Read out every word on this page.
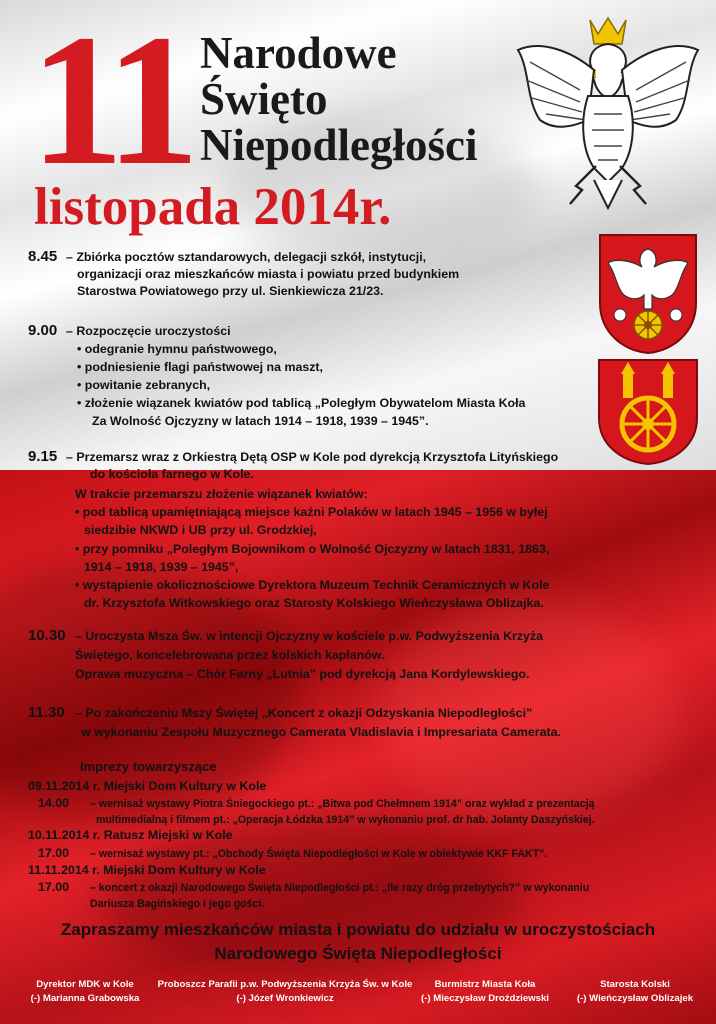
11 Narodowe
Święto
Niepodległości
listopada 2014r.
8.45 – Zbiórka pocztów sztandarowych, delegacji szkół, instytucji,
organizacji oraz mieszkańców miasta i powiatu przed budynkiem
Starostwa Powiatowego przy ul. Sienkiewicza 21/23.
9.00 – Rozpoczęcie uroczystości
• odegranie hymnu państwowego,
• podniesienie flagi państwowej na maszt,
• powitanie zebranych,
• złożenie wiązanek kwiatów pod tablicą „Poległym Obywatelom Miasta Koła
Za Wolność Ojczyzny w latach 1914 – 1918, 1939 – 1945”.
9.15 – Przemarsz wraz z Orkiestrą Dętą OSP w Kole pod dyrekcją Krzysztofa Lityńskiego
do kościoła farnego w Kole.
W trakcie przemarszu złożenie wiązanek kwiatów:
• pod tablicą upamiętniającą miejsce kaźni Polaków w latach 1945 – 1956 w byłej
siedzibie NKWD i UB przy ul. Grodzkiej,
• przy pomniku „Poległym Bojownikom o Wolność Ojczyzny w latach 1831, 1863,
1914 – 1918, 1939 – 1945”,
• wystąpienie okolicznościowe Dyrektora Muzeum Technik Ceramicznych w Kole
dr. Krzysztofa Witkowskiego oraz Starosty Kolskiego Wieńczysława Oblizajka.
10.30 – Uroczysta Msza Św. w intencji Ojczyzny w kościele p.w. Podwyższenia Krzyża
Świętego, koncelebrowana przez kolskich kapłanów.
Oprawa muzyczna – Chór Farny „Lutnia” pod dyrekcją Jana Kordylewskiego.
11.30 – Po zakończeniu Mszy Świętej „Koncert z okazji Odzyskania Niepodległości”
w wykonaniu Zespołu Muzycznego Camerata Vladislavia i Impresariata Camerata.
Imprezy towarzyszące
09.11.2014 r. Miejski Dom Kultury w Kole
14.00 – wernisaż wystawy Piotra Śniegockiego pt.: „Bitwa pod Chełmnem 1914” oraz wykład z prezentacją
multimedialną i filmem pt.: „Operacja Łódzka 1914” w wykonaniu prof. dr hab. Jolanty Daszyńskiej.
10.11.2014 r. Ratusz Miejski w Kole
17.00 – wernisaż wystawy pt.: „Obchody Święta Niepodległości w Kole w obiektywie KKF FAKT”.
11.11.2014 r. Miejski Dom Kultury w Kole
17.00 – koncert z okazji Narodowego Święta Niepodległości pt.: „Ile razy dróg przebytych?” w wykonaniu
Dariusza Bagińskiego i jego gości.
Zapraszamy mieszkańców miasta i powiatu do udziału w uroczystościach
Narodowego Święta Niepodległości
Dyrektor MDK w Kole
(-) Marianna Grabowska
Proboszcz Parafii p.w. Podwyższenia Krzyża Św. w Kole
(-) Józef Wronkiewicz
Burmistrz Miasta Koła
(-) Mieczysław Droździewski
Starosta Kolski
(-) Wieńczysław Oblizajek
